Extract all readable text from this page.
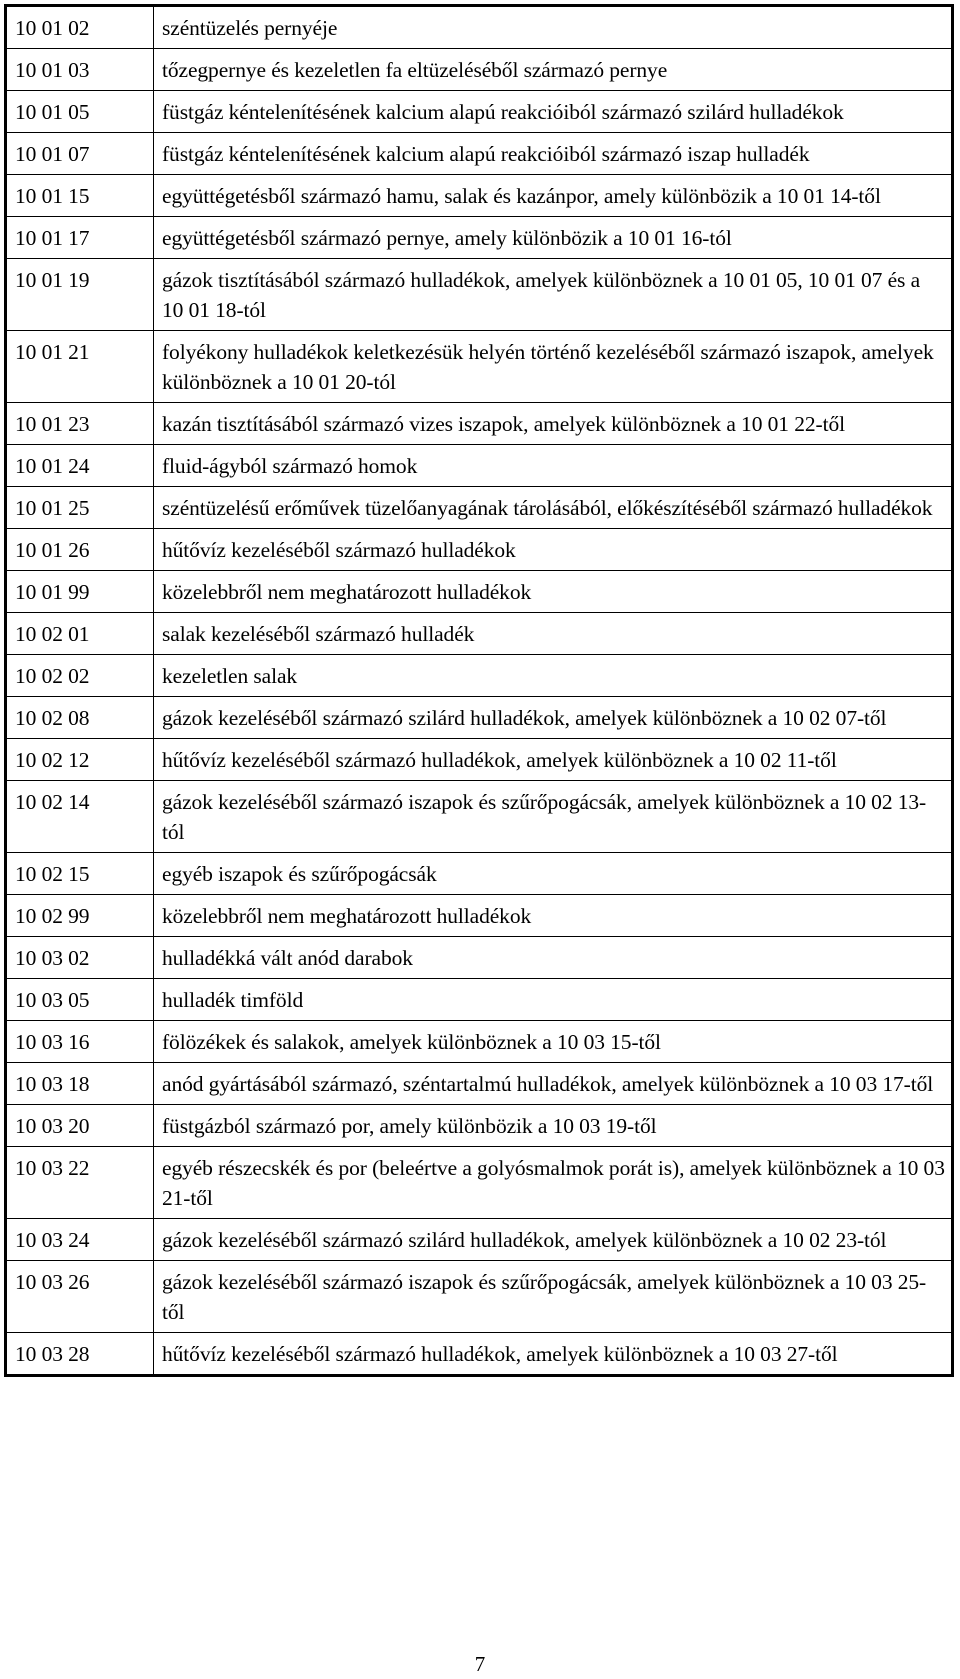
10 01 02	széntüzelés pernyéje
10 01 03	tőzegpernye és kezeletlen fa eltüzeléséből származó pernye
10 01 05	füstgáz kéntelenítésének kalcium alapú reakcióiból származó szilárd hulladékok
10 01 07	füstgáz kéntelenítésének kalcium alapú reakcióiból származó iszap hulladék
10 01 15	együttégetésből származó hamu, salak és kazánpor, amely különbözik a 10 01 14-től
10 01 17	együttégetésből származó pernye, amely különbözik a 10 01 16-tól
10 01 19	gázok tisztításából származó hulladékok, amelyek különböznek a 10 01 05, 10 01 07 és a 10 01 18-tól
10 01 21	folyékony hulladékok keletkezésük helyén történő kezeléséből származó iszapok, amelyek különböznek a 10 01 20-tól
10 01 23	kazán tisztításából származó vizes iszapok, amelyek különböznek a 10 01 22-től
10 01 24	fluid-ágyból származó homok
10 01 25	széntüzelésű erőművek tüzelőanyagának tárolásából, előkészítéséből származó hulladékok
10 01 26	hűtővíz kezeléséből származó hulladékok
10 01 99	közelebbről nem meghatározott hulladékok
10 02 01	salak kezeléséből származó hulladék
10 02 02	kezeletlen salak
10 02 08	gázok kezeléséből származó szilárd hulladékok, amelyek különböznek a 10 02 07-től
10 02 12	hűtővíz kezeléséből származó hulladékok, amelyek különböznek a 10 02 11-től
10 02 14	gázok kezeléséből származó iszapok és szűrőpogácsák, amelyek különböznek a 10 02 13-tól
10 02 15	egyéb iszapok és szűrőpogácsák
10 02 99	közelebbről nem meghatározott hulladékok
10 03 02	hulladékká vált anód darabok
10 03 05	hulladék timföld
10 03 16	fölözékek és salakok, amelyek különböznek a 10 03 15-től
10 03 18	anód gyártásából származó, széntartalmú hulladékok, amelyek különböznek a 10 03 17-től
10 03 20	füstgázból származó por, amely különbözik a 10 03 19-től
10 03 22	egyéb részecskék és por (beleértve a golyósmalmok porát is), amelyek különböznek a 10 03 21-től
10 03 24	gázok kezeléséből származó szilárd hulladékok, amelyek különböznek a 10 02 23-tól
10 03 26	gázok kezeléséből származó iszapok és szűrőpogácsák, amelyek különböznek a 10 03 25-től
10 03 28	hűtővíz kezeléséből származó hulladékok, amelyek különböznek a 10 03 27-től
7
